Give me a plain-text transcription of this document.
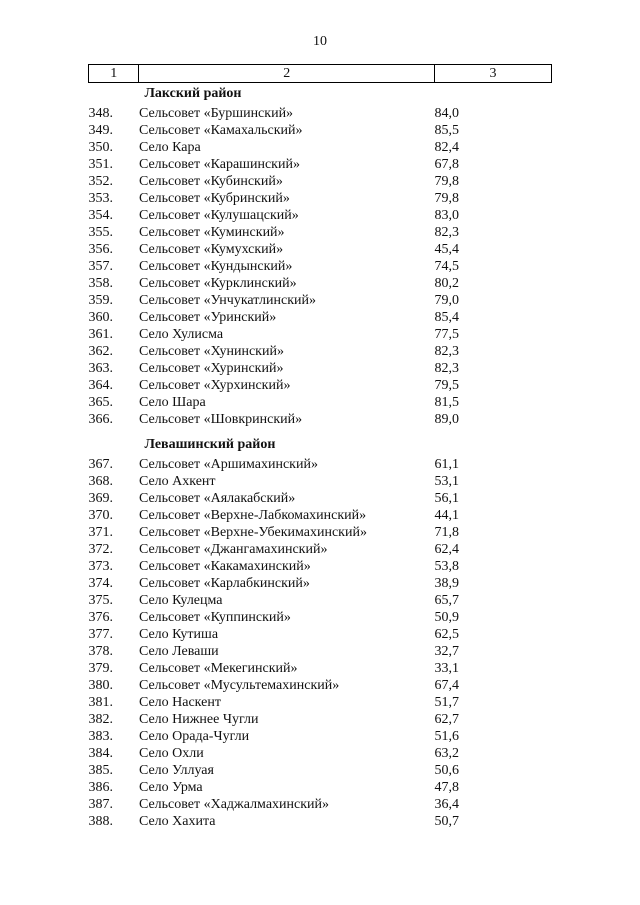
10
1	2	3
Лакский район		
348.	Сельсовет «Буршинский»	84,0
349.	Сельсовет «Камахальский»	85,5
350.	Село Кара	82,4
351.	Сельсовет «Карашинский»	67,8
352.	Сельсовет «Кубинский»	79,8
353.	Сельсовет «Кубринский»	79,8
354.	Сельсовет «Кулушацский»	83,0
355.	Сельсовет «Куминский»	82,3
356.	Сельсовет «Кумухский»	45,4
357.	Сельсовет «Кундынский»	74,5
358.	Сельсовет «Курклинский»	80,2
359.	Сельсовет «Унчукатлинский»	79,0
360.	Сельсовет «Уринский»	85,4
361.	Село Хулисма	77,5
362.	Сельсовет «Хунинский»	82,3
363.	Сельсовет «Хуринский»	82,3
364.	Сельсовет «Хурхинский»	79,5
365.	Село Шара	81,5
366.	Сельсовет «Шовкринский»	89,0

Левашинский район		
367.	Сельсовет «Аршимахинский»	61,1
368.	Село Ахкент	53,1
369.	Сельсовет «Аялакабский»	56,1
370.	Сельсовет «Верхне-Лабкомахинский»	44,1
371.	Сельсовет «Верхне-Убекимахинский»	71,8
372.	Сельсовет «Джангамахинский»	62,4
373.	Сельсовет «Какамахинский»	53,8
374.	Сельсовет «Карлабкинский»	38,9
375.	Село Кулецма	65,7
376.	Сельсовет «Куппинский»	50,9
377.	Село Кутиша	62,5
378.	Село Леваши	32,7
379.	Сельсовет «Мекегинский»	33,1
380.	Сельсовет «Мусультемахинский»	67,4
381.	Село Наскент	51,7
382.	Село Нижнее Чугли	62,7
383.	Село Орада-Чугли	51,6
384.	Село Охли	63,2
385.	Село Уллуая	50,6
386.	Село Урма	47,8
387.	Сельсовет «Хаджалмахинский»	36,4
388.	Село Хахита	50,7
